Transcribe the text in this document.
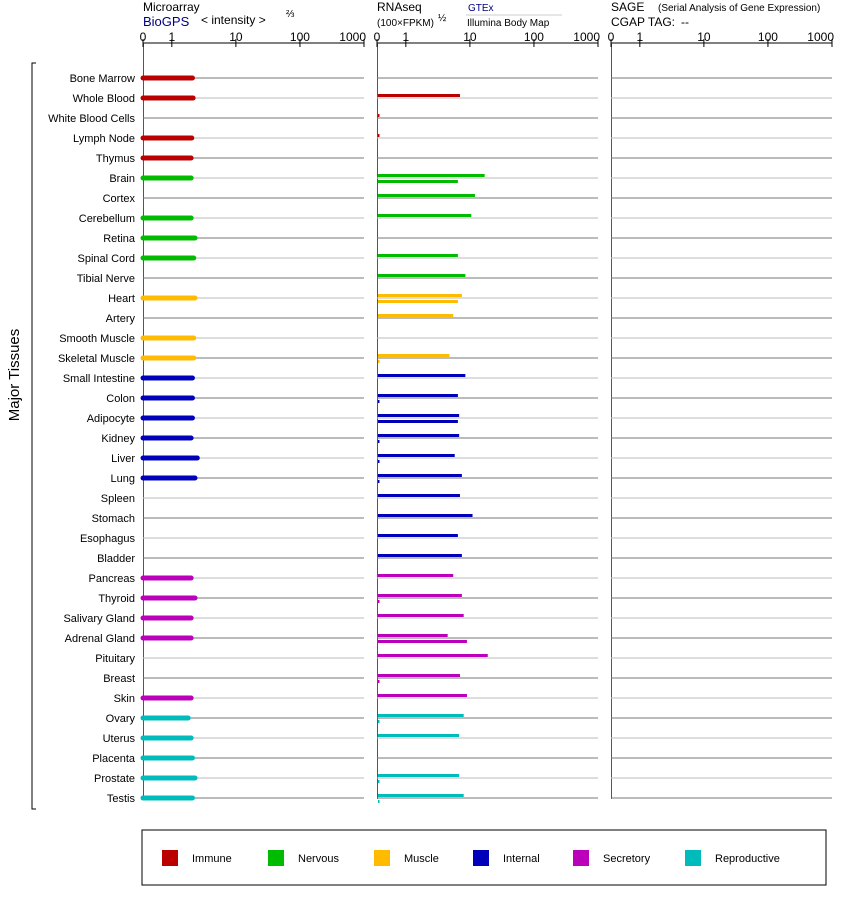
Microarray
BioGPS < intensity > ⅔
RNAseq
(100×FPKM) ½
GTEx
Illumina Body Map
SAGE (Serial Analysis of Gene Expression)
CGAP TAG: --
Major Tissues
0 1	10	100 1000 0 1	10	100 1000 0 1	10	100 1000
Bone Marrow
Whole Blood
White Blood Cells
Lymph Node
Thymus
Brain
Cortex
Cerebellum
Retina
Spinal Cord
Tibial Nerve
Heart
Artery
Smooth Muscle
Skeletal Muscle
Small Intestine
Colon
Adipocyte
Kidney
Liver
Lung
Spleen
Stomach
Esophagus
Bladder
Pancreas
Thyroid
Salivary Gland
Adrenal Gland
Pituitary
Breast
Skin
Ovary
Uterus
Placenta
Prostate
Testis
Immune	Nervous	Muscle	Internal	Secretory	Reproductive
